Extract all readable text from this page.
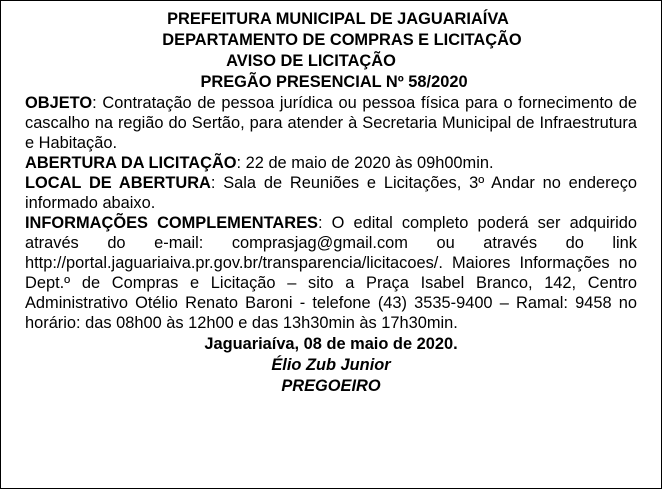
PREFEITURA MUNICIPAL DE JAGUARIAÍVA
DEPARTAMENTO DE COMPRAS E LICITAÇÃO
AVISO DE LICITAÇÃO
PREGÃO PRESENCIAL Nº 58/2020

OBJETO: Contratação de pessoa jurídica ou pessoa física para o fornecimento de cascalho na região do Sertão, para atender à Secretaria Municipal de Infraestrutura e Habitação.

ABERTURA DA LICITAÇÃO: 22 de maio de 2020 às 09h00min.

LOCAL DE ABERTURA: Sala de Reuniões e Licitações, 3º Andar no endereço informado abaixo.

INFORMAÇÕES COMPLEMENTARES: O edital completo poderá ser adquirido através do e-mail: comprasjag@gmail.com ou através do link http://portal.jaguariaiva.pr.gov.br/transparencia/licitacoes/. Maiores Informações no Dept.º de Compras e Licitação – sito a Praça Isabel Branco, 142, Centro Administrativo Otélio Renato Baroni - telefone (43) 3535-9400 – Ramal: 9458 no horário: das 08h00 às 12h00 e das 13h30min às 17h30min.

Jaguariaíva, 08 de maio de 2020.
Élio Zub Junior
PREGOEIRO
